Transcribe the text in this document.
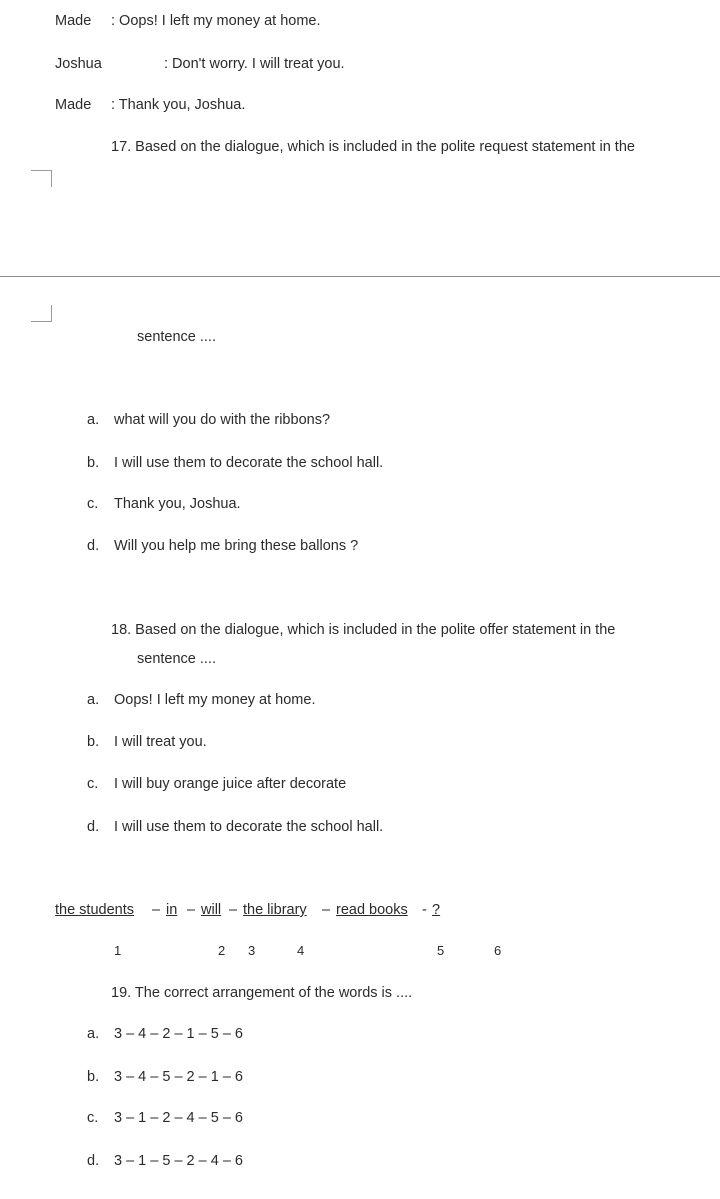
Made : Oops! I left my money at home.
Joshua	: Don't worry. I will treat you.
Made : Thank you, Joshua.
17. Based on the dialogue, which is included in the polite request statement in the
sentence ....
a. what will you do with the ribbons?
b. I will use them to decorate the school hall.
c. Thank you, Joshua.
d. Will you help me bring these ballons ?
18. Based on the dialogue, which is included in the polite offer statement in the
sentence ....
a. Oops! I left my money at home.
b. I will treat you.
c. I will buy orange juice after decorate
d. I will use them to decorate the school hall.
the students – in – will – the library – read books - ?
1	2 3	4	5	6
19. The correct arrangement of the words is ....
a. 3 – 4 – 2 – 1 – 5 – 6
b. 3 – 4 – 5 – 2 – 1 – 6
c. 3 – 1 – 2 – 4 – 5 – 6
d. 3 – 1 – 5 – 2 – 4 – 6
